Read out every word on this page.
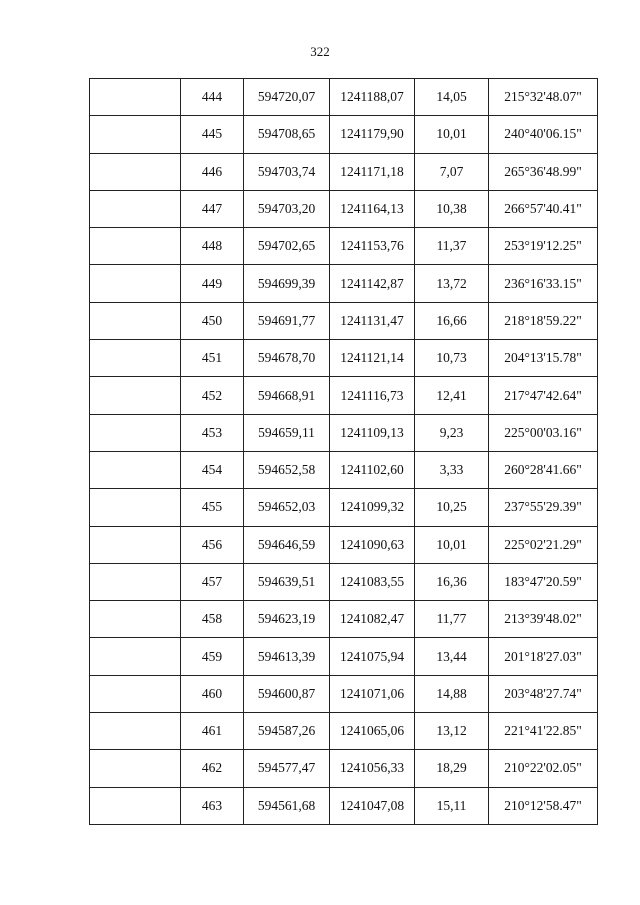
322
	444	594720,07	1241188,07	14,05	215°32'48.07"
	445	594708,65	1241179,90	10,01	240°40'06.15"
	446	594703,74	1241171,18	7,07	265°36'48.99"
	447	594703,20	1241164,13	10,38	266°57'40.41"
	448	594702,65	1241153,76	11,37	253°19'12.25"
	449	594699,39	1241142,87	13,72	236°16'33.15"
	450	594691,77	1241131,47	16,66	218°18'59.22"
	451	594678,70	1241121,14	10,73	204°13'15.78"
	452	594668,91	1241116,73	12,41	217°47'42.64"
	453	594659,11	1241109,13	9,23	225°00'03.16"
	454	594652,58	1241102,60	3,33	260°28'41.66"
	455	594652,03	1241099,32	10,25	237°55'29.39"
	456	594646,59	1241090,63	10,01	225°02'21.29"
	457	594639,51	1241083,55	16,36	183°47'20.59"
	458	594623,19	1241082,47	11,77	213°39'48.02"
	459	594613,39	1241075,94	13,44	201°18'27.03"
	460	594600,87	1241071,06	14,88	203°48'27.74"
	461	594587,26	1241065,06	13,12	221°41'22.85"
	462	594577,47	1241056,33	18,29	210°22'02.05"
	463	594561,68	1241047,08	15,11	210°12'58.47"
